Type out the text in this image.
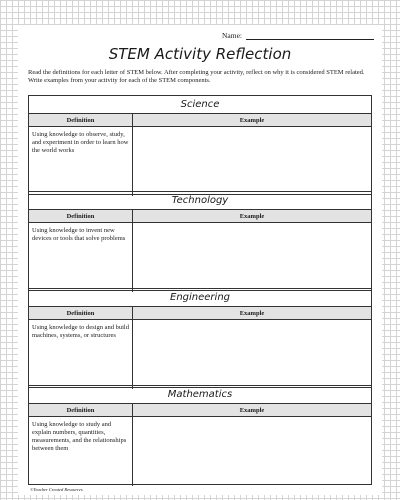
Name:
STEM Activity Reflection
Read the definitions for each letter of STEM below. After completing your activity, reflect on why it is considered STEM related. Write examples from your activity for each of the STEM components.
Science
Definition	Example
Using knowledge to observe, study, and experiment in order to learn how the world works
Technology
Definition	Example
Using knowledge to invent new devices or tools that solve problems
Engineering
Definition	Example
Using knowledge to design and build machines, systems, or structures
Mathematics
Definition	Example
Using knowledge to study and explain numbers, quantities, measurements, and the relationships between them
©Teacher Created Resources
